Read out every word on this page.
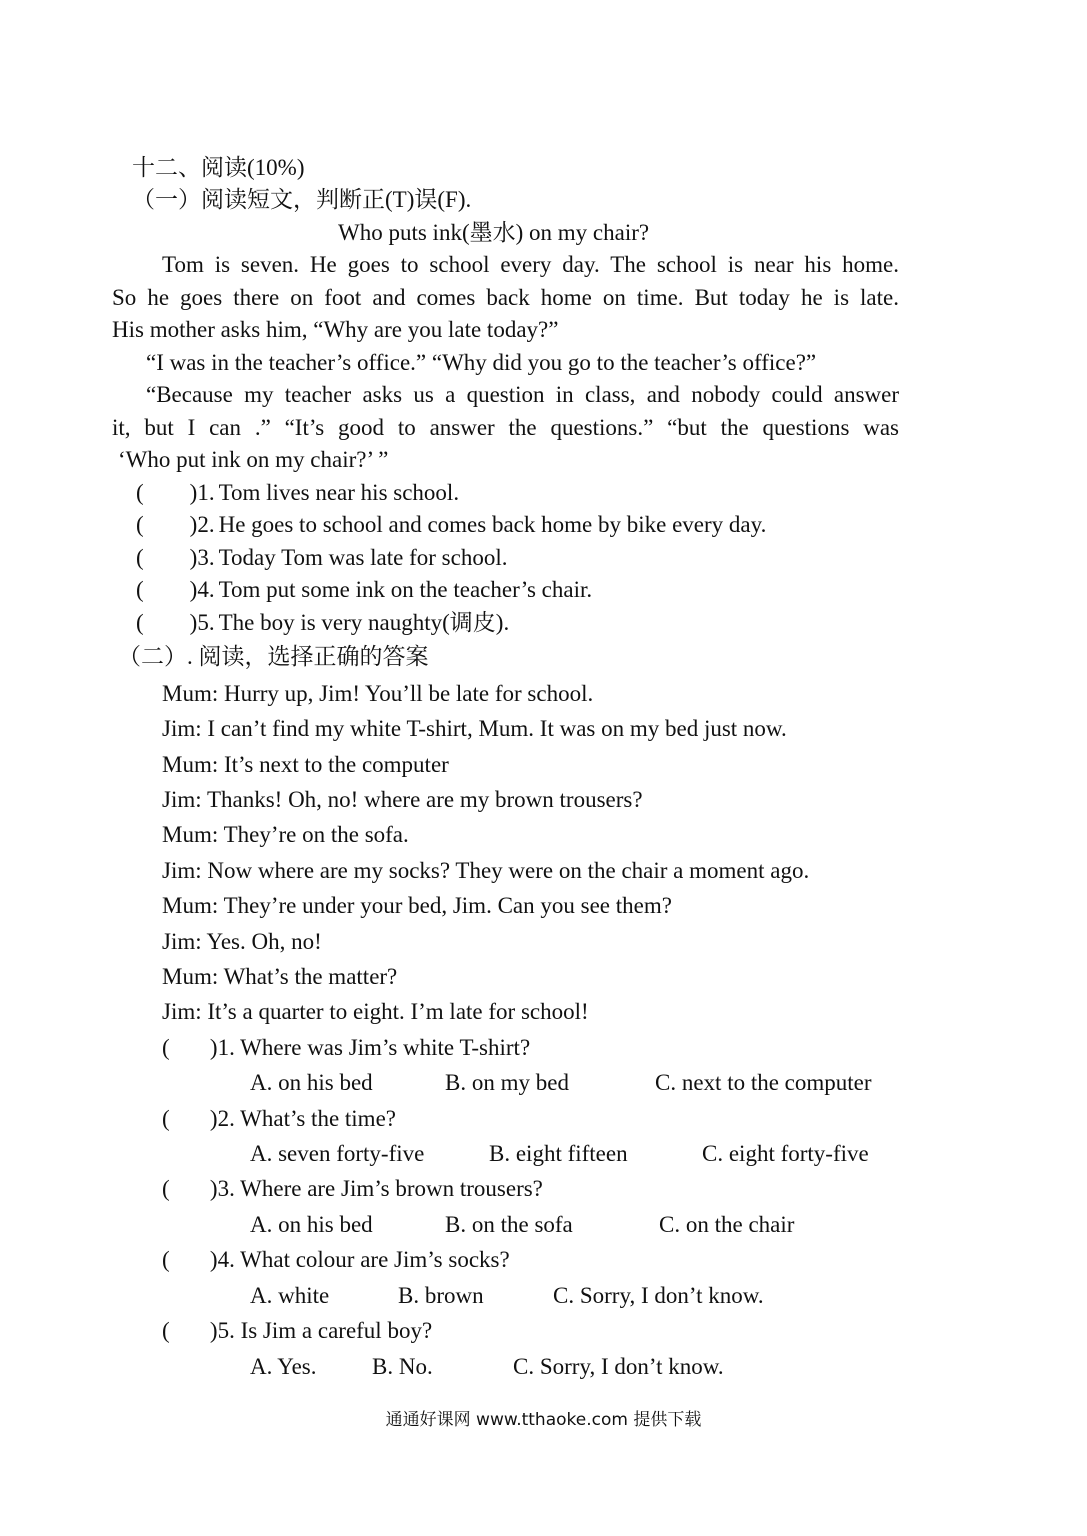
十二、阅读(10%)
（一）阅读短文，判断正(T)误(F).
Who puts ink(墨水) on my chair?
Tom is seven. He goes to school every day. The school is near his home.
So he goes there on foot and comes back home on time. But today he is late.
His mother asks him, “Why are you late today?”
“I was in the teacher’s office.” “Why did you go to the teacher’s office?”
“Because my teacher asks us a question in class, and nobody could answer
it, but I can .” “It’s good to answer the questions.” “but the questions was
‘Who put ink on my chair?’ ”
(        )1. Tom lives near his school.
(        )2. He goes to school and comes back home by bike every day.
(        )3. Today Tom was late for school.
(        )4. Tom put some ink on the teacher’s chair.
(        )5. The boy is very naughty(调皮).
（二）. 阅读，选择正确的答案
Mum: Hurry up, Jim! You’ll be late for school.
Jim: I can’t find my white T-shirt, Mum. It was on my bed just now.
Mum: It’s next to the computer
Jim: Thanks! Oh, no! where are my brown trousers?
Mum: They’re on the sofa.
Jim: Now where are my socks? They were on the chair a moment ago.
Mum: They’re under your bed, Jim. Can you see them?
Jim: Yes. Oh, no!
Mum: What’s the matter?
Jim: It’s a quarter to eight. I’m late for school!
(       )1. Where was Jim’s white T-shirt?
A. on his bed	B. on my bed	C. next to the computer
(       )2. What’s the time?
A. seven forty-five	B. eight fifteen	C. eight forty-five
(       )3. Where are Jim’s brown trousers?
A. on his bed	B. on the sofa	C. on the chair
(       )4. What colour are Jim’s socks?
A. white	B. brown	C. Sorry, I don’t know.
(       )5. Is Jim a careful boy?
A. Yes. B. No.	C. Sorry, I don’t know.
通通好课网 www.tthaoke.com 提供下载
